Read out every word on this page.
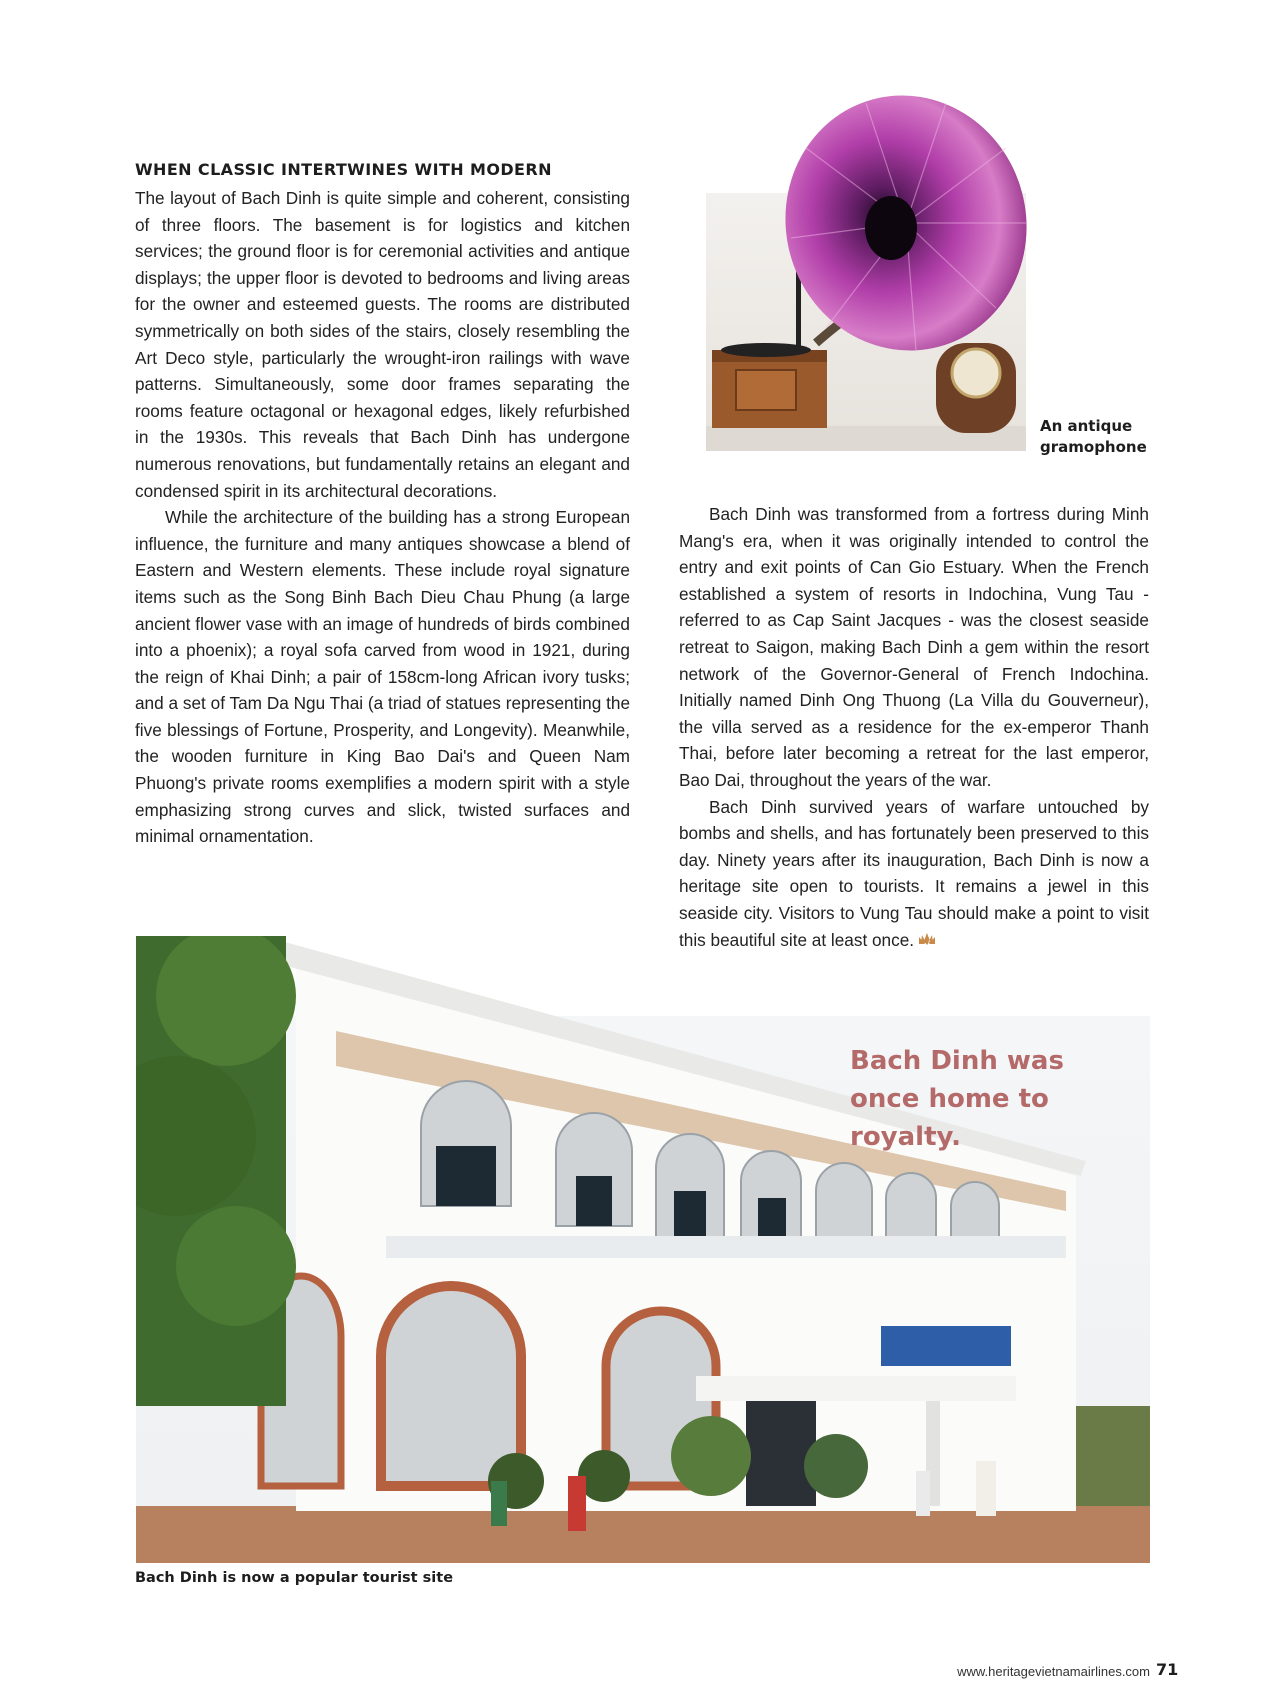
WHEN CLASSIC INTERTWINES WITH MODERN

The layout of Bach Dinh is quite simple and coherent, consisting of three floors. The basement is for logistics and kitchen services; the ground floor is for ceremonial activities and antique displays; the upper floor is devoted to bedrooms and living areas for the owner and esteemed guests. The rooms are distributed symmetrically on both sides of the stairs, closely resembling the Art Deco style, particularly the wrought-iron railings with wave patterns. Simultaneously, some door frames separating the rooms feature octagonal or hexagonal edges, likely refurbished in the 1930s. This reveals that Bach Dinh has undergone numerous renovations, but fundamentally retains an elegant and condensed spirit in its architectural decorations.

While the architecture of the building has a strong European influence, the furniture and many antiques showcase a blend of Eastern and Western elements. These include royal signature items such as the Song Binh Bach Dieu Chau Phung (a large ancient flower vase with an image of hundreds of birds combined into a phoenix); a royal sofa carved from wood in 1921, during the reign of Khai Dinh; a pair of 158cm-long African ivory tusks; and a set of Tam Da Ngu Thai (a triad of statues representing the five blessings of Fortune, Prosperity, and Longevity). Meanwhile, the wooden furniture in King Bao Dai's and Queen Nam Phuong's private rooms exemplifies a modern spirit with a style emphasizing strong curves and slick, twisted surfaces and minimal ornamentation.

An antique gramophone

Bach Dinh was transformed from a fortress during Minh Mang's era, when it was originally intended to control the entry and exit points of Can Gio Estuary. When the French established a system of resorts in Indochina, Vung Tau - referred to as Cap Saint Jacques - was the closest seaside retreat to Saigon, making Bach Dinh a gem within the resort network of the Governor-General of French Indochina. Initially named Dinh Ong Thuong (La Villa du Gouverneur), the villa served as a residence for the ex-emperor Thanh Thai, before later becoming a retreat for the last emperor, Bao Dai, throughout the years of the war.

Bach Dinh survived years of warfare untouched by bombs and shells, and has fortunately been preserved to this day. Ninety years after its inauguration, Bach Dinh is now a heritage site open to tourists. It remains a jewel in this seaside city. Visitors to Vung Tau should make a point to visit this beautiful site at least once.

Bach Dinh was once home to royalty.
Bach Dinh is now a popular tourist site
www.heritagevietnamairlines.com 71
